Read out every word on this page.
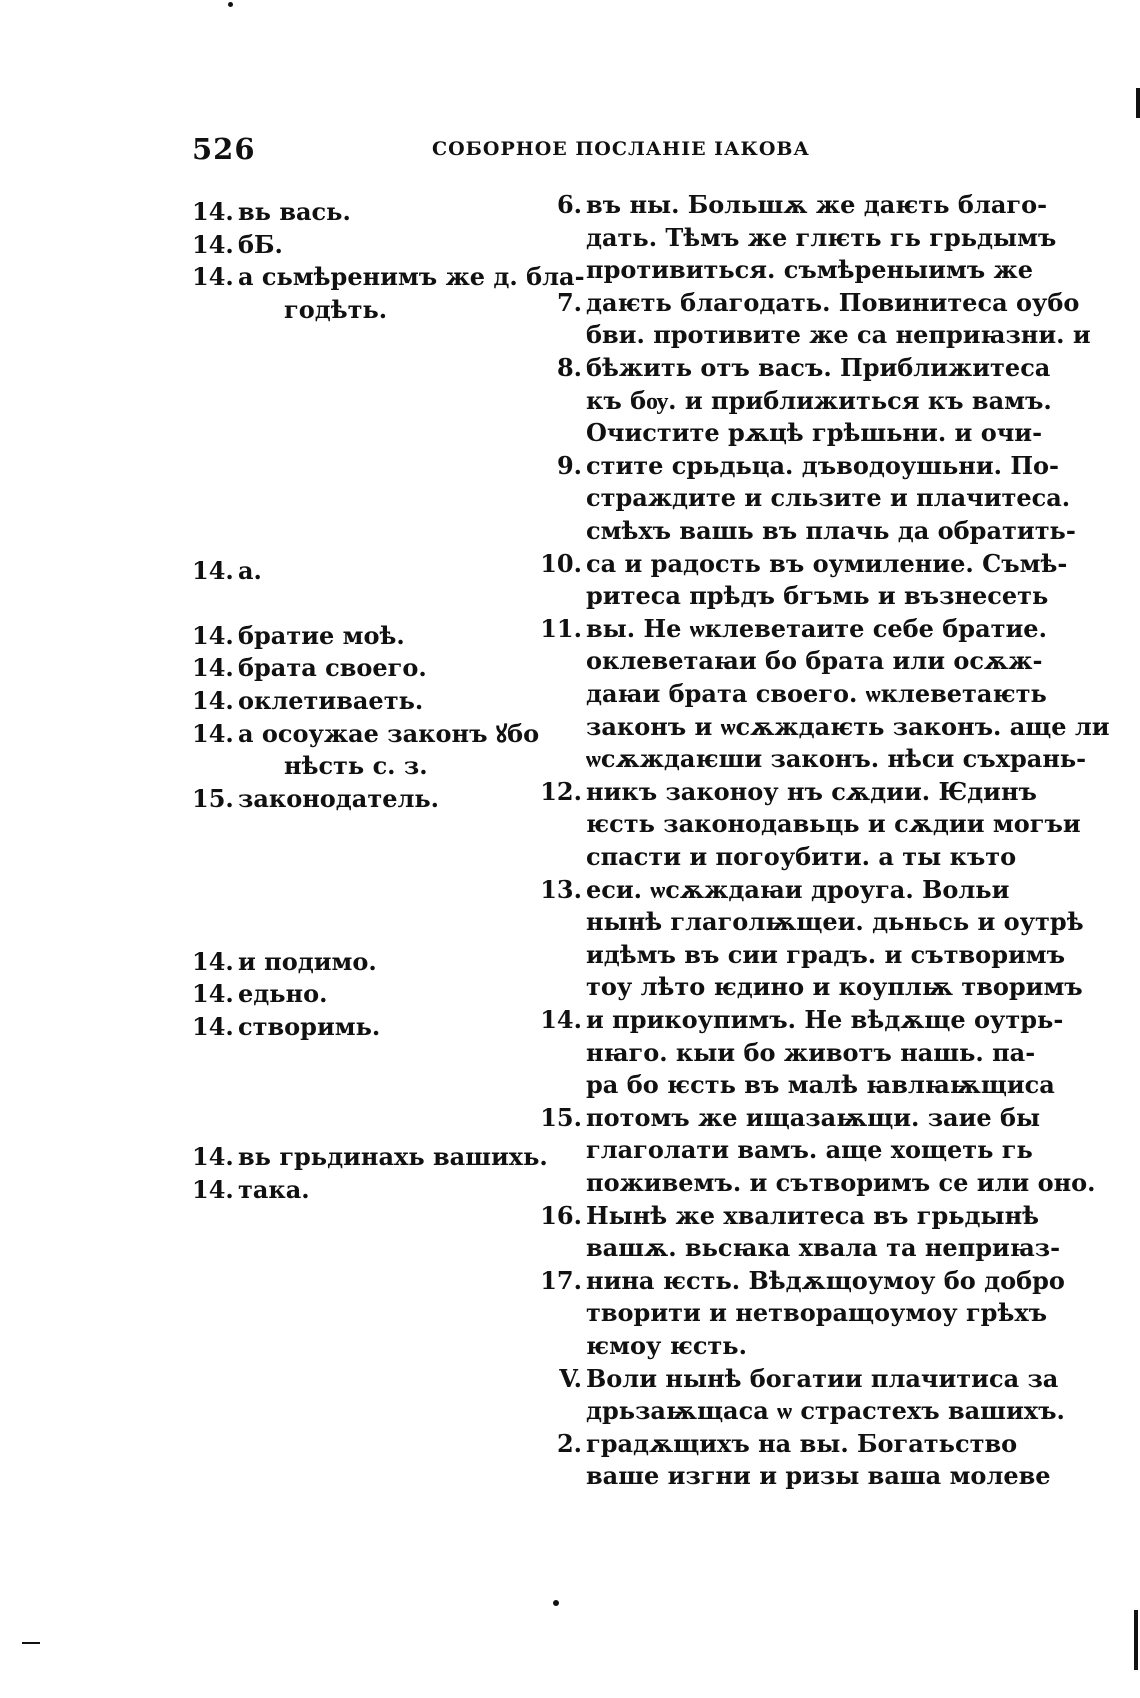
526	СОБОРНОЕ ПОСЛАНІЕ ІАКОВА
14. вь вась.
14. бБ.
14. а сьмѣренимъ же д. бла-
годѣть.
14. а.
14. братие моѣ.
14. брата своего.
14. оклетиваеть.
14. а осоужае законъ ꙋбо
нѣсть с. з.
15. законодатель.
14. и подимо.
14. едьно.
14. створимь.
14. вь грьдинахь вашихь.
14. така.
6. въ ны. Большѫ же даѥть благо-
дать. Тѣмъ же глѥть гь грьдымъ
противиться. съмѣреныимъ же
7. даѥть благодать. Повинитеса оубо
бви. противите же са неприꙗзни. и
8. бѣжить отъ васъ. Приближитеса
къ бѹ. и приближиться къ вамъ.
Очистите рѫцѣ грѣшьни. и очи-
9. стите срьдьца. дъводоушьни. По-
страждите и сльзите и плачитеса.
смѣхъ вашь въ плачь да обратить-
10. са и радость въ оумиление. Съмѣ-
ритеса прѣдъ бгъмь и възнесеть
11. вы. Не ѡклеветаите себе братие.
оклеветаꙗи бо брата или осѫж-
даꙗи брата своего. ѡклеветаѥть
законъ и ѡсѫждаѥть законъ. аще ли
ѡсѫждаѥши законъ. нѣси съхрань-
12. никъ законоу нъ сѫдии. Ѥдинъ
ѥсть законодавьць и сѫдии могъи
спасти и погоубити. а ты къто
13. еси. ѡсѫждаꙗи дроуга. Вольи
нынѣ глаголѭщеи. дьньсь и оутрѣ
идѣмъ въ сии градъ. и сътворимъ
тоу лѣто ѥдино и коуплѭ творимъ
14. и прикоупимъ. Не вѣдѫще оутрь-
нꙗго. кыи бо животъ нашь. па-
ра бо ѥсть въ малѣ ꙗвлꙗѭщиса
15. потомъ же ищазаѭщи. заие бы
глаголати вамъ. аще хощеть гь
поживемъ. и сътворимъ се или оно.
16. Нынѣ же хвалитеса въ грьдынѣ
вашѫ. вьсꙗка хвала та неприꙗз-
17. нина ѥсть. Вѣдѫщоумоу бо добро
творити и нетворащоумоу грѣхъ
ѥмоу ѥсть.
V. Воли нынѣ богатии плачитиса за
дрьзаѭщаса ѡ страстехъ вашихъ.
2. градѫщихъ на вы. Богатьство
ваше изгни и ризы ваша молеве
